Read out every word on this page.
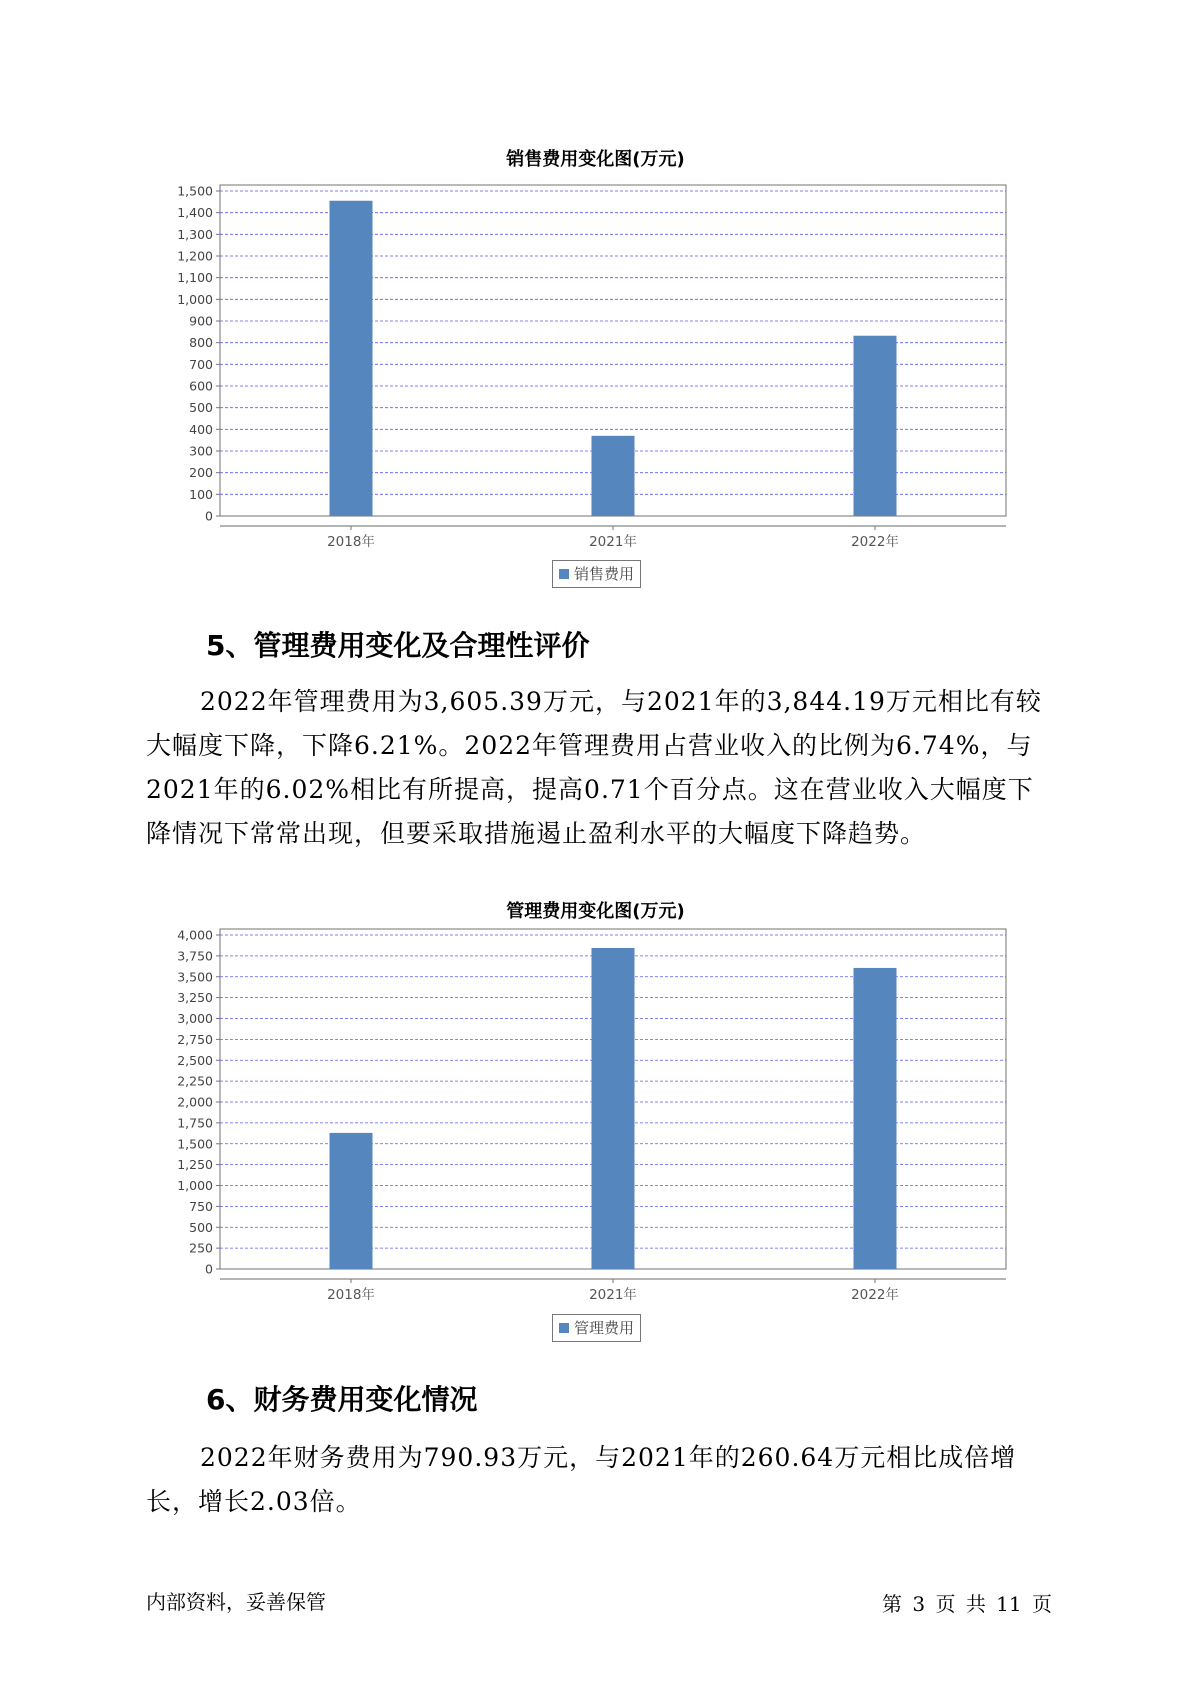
销售费用变化图(万元)
0
100
200
300
400
500
600
700
800
900
1,000
1,100
1,200
1,300
1,400
1,500
2018年	2021年	2022年
销售费用
5、管理费用变化及合理性评价
2022年管理费用为3,605.39万元，与2021年的3,844.19万元相比有较大幅度下降，下降6.21%。2022年管理费用占营业收入的比例为6.74%，与2021年的6.02%相比有所提高，提高0.71个百分点。这在营业收入大幅度下降情况下常常出现，但要采取措施遏止盈利水平的大幅度下降趋势。
管理费用变化图(万元)
0
250
500
750
1,000
1,250
1,500
1,750
2,000
2,250
2,500
2,750
3,000
3,250
3,500
3,750
4,000
2018年	2021年	2022年
管理费用
6、财务费用变化情况
2022年财务费用为790.93万元，与2021年的260.64万元相比成倍增长，增长2.03倍。
内部资料，妥善保管	第 3 页 共 11 页
